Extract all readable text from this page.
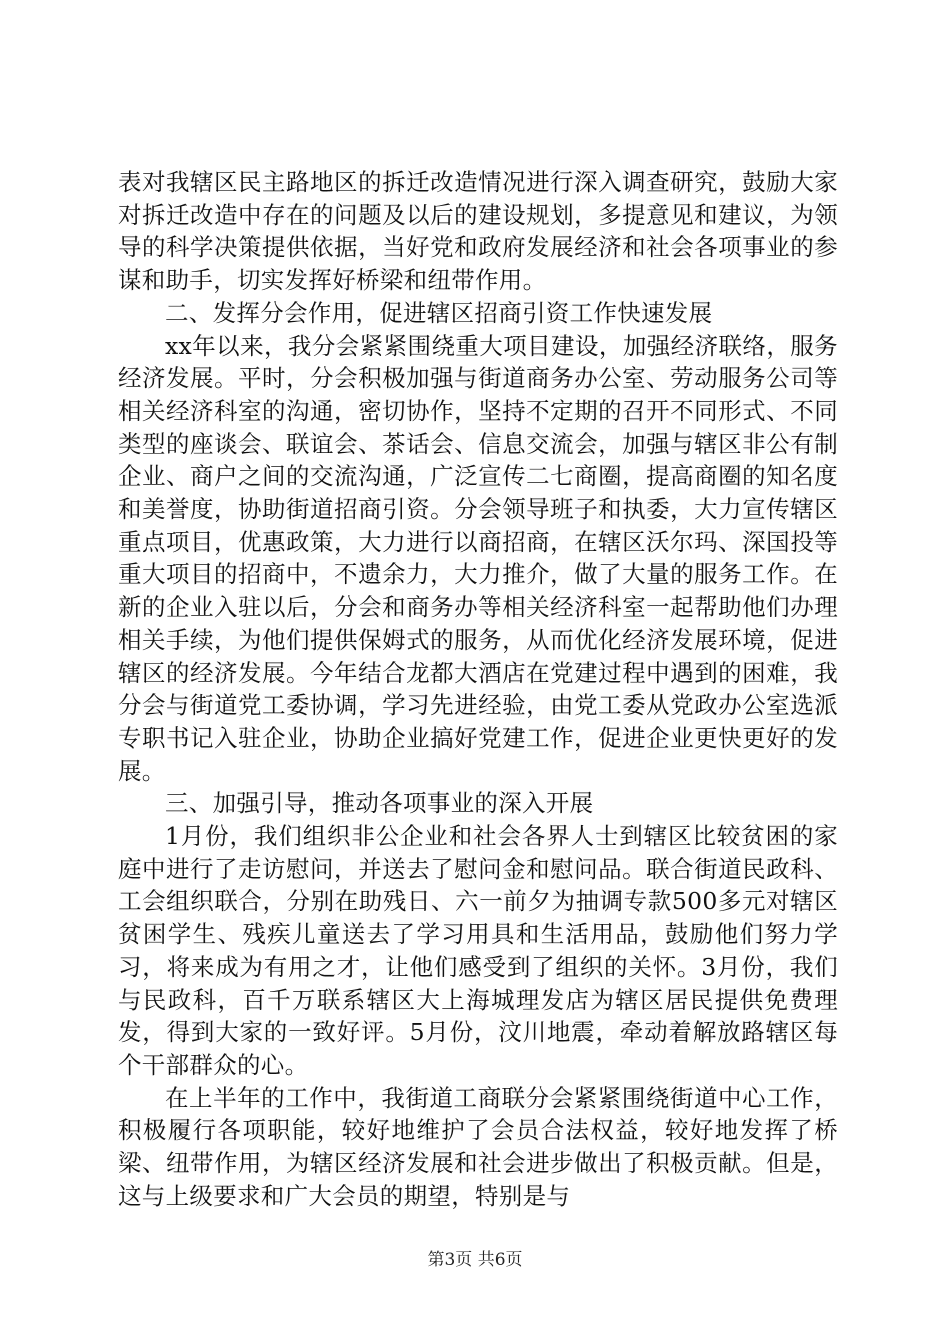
表对我辖区民主路地区的拆迁改造情况进行深入调查研究，鼓励大家对拆迁改造中存在的问题及以后的建设规划，多提意见和建议，为领导的科学决策提供依据，当好党和政府发展经济和社会各项事业的参谋和助手，切实发挥好桥梁和纽带作用。

二、发挥分会作用，促进辖区招商引资工作快速发展

xx年以来，我分会紧紧围绕重大项目建设，加强经济联络，服务经济发展。平时，分会积极加强与街道商务办公室、劳动服务公司等相关经济科室的沟通，密切协作，坚持不定期的召开不同形式、不同类型的座谈会、联谊会、茶话会、信息交流会，加强与辖区非公有制企业、商户之间的交流沟通，广泛宣传二七商圈，提高商圈的知名度和美誉度，协助街道招商引资。分会领导班子和执委，大力宣传辖区重点项目，优惠政策，大力进行以商招商，在辖区沃尔玛、深国投等重大项目的招商中，不遗余力，大力推介，做了大量的服务工作。在新的企业入驻以后，分会和商务办等相关经济科室一起帮助他们办理相关手续，为他们提供保姆式的服务，从而优化经济发展环境，促进辖区的经济发展。今年结合龙都大酒店在党建过程中遇到的困难，我分会与街道党工委协调，学习先进经验，由党工委从党政办公室选派专职书记入驻企业，协助企业搞好党建工作，促进企业更快更好的发展。

三、加强引导，推动各项事业的深入开展

1月份，我们组织非公企业和社会各界人士到辖区比较贫困的家庭中进行了走访慰问，并送去了慰问金和慰问品。联合街道民政科、工会组织联合，分别在助残日、六一前夕为抽调专款500多元对辖区贫困学生、残疾儿童送去了学习用具和生活用品，鼓励他们努力学习，将来成为有用之才，让他们感受到了组织的关怀。3月份，我们与民政科，百千万联系辖区大上海城理发店为辖区居民提供免费理发，得到大家的一致好评。5月份，汶川地震，牵动着解放路辖区每个干部群众的心。

在上半年的工作中，我街道工商联分会紧紧围绕街道中心工作，积极履行各项职能，较好地维护了会员合法权益，较好地发挥了桥梁、纽带作用，为辖区经济发展和社会进步做出了积极贡献。但是，这与上级要求和广大会员的期望，特别是与

第3页 共6页
